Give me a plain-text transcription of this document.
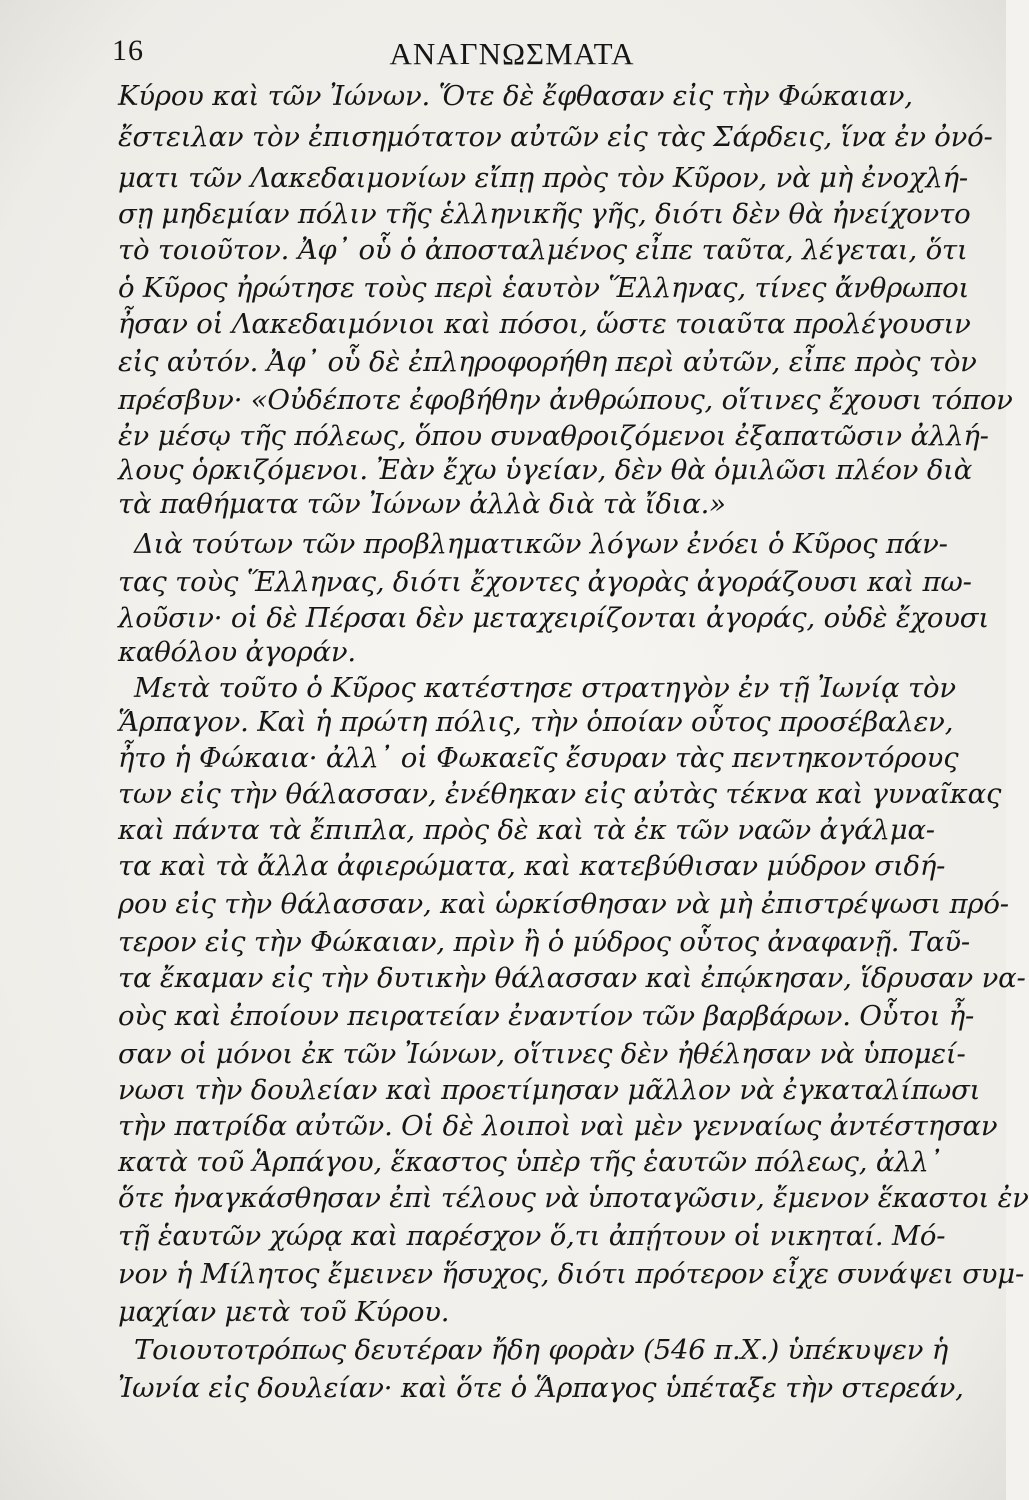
16	ΑΝΑΓΝΩΣΜΑΤΑ
Κύρου καὶ τῶν Ἰώνων. Ὅτε δὲ ἔφθασαν εἰς τὴν Φώκαιαν,
ἔστειλαν τὸν ἐπισημότατον αὐτῶν εἰς τὰς Σάρδεις, ἵνα ἐν ὀνό-
ματι τῶν Λακεδαιμονίων εἴπῃ πρὸς τὸν Κῦρον, νὰ μὴ ἐνοχλή-
σῃ μηδεμίαν πόλιν τῆς ἑλληνικῆς γῆς, διότι δὲν θὰ ἠνείχοντο
τὸ τοιοῦτον. Ἀφ᾽ οὗ ὁ ἀποσταλμένος εἶπε ταῦτα, λέγεται, ὅτι
ὁ Κῦρος ἠρώτησε τοὺς περὶ ἑαυτὸν Ἕλληνας, τίνες ἄνθρωποι
ἦσαν οἱ Λακεδαιμόνιοι καὶ πόσοι, ὥστε τοιαῦτα προλέγουσιν
εἰς αὐτόν. Ἀφ᾽ οὗ δὲ ἐπληροφορήθη περὶ αὐτῶν, εἶπε πρὸς τὸν
πρέσβυν· «Οὐδέποτε ἐφοβήθην ἀνθρώπους, οἵτινες ἔχουσι τόπον
ἐν μέσῳ τῆς πόλεως, ὅπου συναθροιζόμενοι ἐξαπατῶσιν ἀλλή-
λους ὁρκιζόμενοι. Ἐὰν ἔχω ὑγείαν, δὲν θὰ ὁμιλῶσι πλέον διὰ
τὰ παθήματα τῶν Ἰώνων ἀλλὰ διὰ τὰ ἴδια.»
Διὰ τούτων τῶν προβληματικῶν λόγων ἐνόει ὁ Κῦρος πάν-
τας τοὺς Ἕλληνας, διότι ἔχοντες ἀγορὰς ἀγοράζουσι καὶ πω-
λοῦσιν· οἱ δὲ Πέρσαι δὲν μεταχειρίζονται ἀγοράς, οὐδὲ ἔχουσι
καθόλου ἀγοράν.
Μετὰ τοῦτο ὁ Κῦρος κατέστησε στρατηγὸν ἐν τῇ Ἰωνίᾳ τὸν
Ἅρπαγον. Καὶ ἡ πρώτη πόλις, τὴν ὁποίαν οὗτος προσέβαλεν,
ἦτο ἡ Φώκαια· ἀλλ᾽ οἱ Φωκαεῖς ἔσυραν τὰς πεντηκοντόρους
των εἰς τὴν θάλασσαν, ἐνέθηκαν εἰς αὐτὰς τέκνα καὶ γυναῖκας
καὶ πάντα τὰ ἔπιπλα, πρὸς δὲ καὶ τὰ ἐκ τῶν ναῶν ἀγάλμα-
τα καὶ τὰ ἄλλα ἀφιερώματα, καὶ κατεβύθισαν μύδρον σιδή-
ρου εἰς τὴν θάλασσαν, καὶ ὡρκίσθησαν νὰ μὴ ἐπιστρέψωσι πρό-
τερον εἰς τὴν Φώκαιαν, πρὶν ἢ ὁ μύδρος οὗτος ἀναφανῇ. Ταῦ-
τα ἔκαμαν εἰς τὴν δυτικὴν θάλασσαν καὶ ἐπῴκησαν, ἵδρυσαν να-
οὺς καὶ ἐποίουν πειρατείαν ἐναντίον τῶν βαρβάρων. Οὗτοι ἦ-
σαν οἱ μόνοι ἐκ τῶν Ἰώνων, οἵτινες δὲν ἠθέλησαν νὰ ὑπομεί-
νωσι τὴν δουλείαν καὶ προετίμησαν μᾶλλον νὰ ἐγκαταλίπωσι
τὴν πατρίδα αὐτῶν. Οἱ δὲ λοιποὶ ναὶ μὲν γενναίως ἀντέστησαν
κατὰ τοῦ Ἁρπάγου, ἕκαστος ὑπὲρ τῆς ἑαυτῶν πόλεως, ἀλλ᾽
ὅτε ἠναγκάσθησαν ἐπὶ τέλους νὰ ὑποταγῶσιν, ἔμενον ἕκαστοι ἐν
τῇ ἑαυτῶν χώρᾳ καὶ παρέσχον ὅ,τι ἀπῄτουν οἱ νικηταί. Μό-
νον ἡ Μίλητος ἔμεινεν ἥσυχος, διότι πρότερον εἶχε συνάψει συμ-
μαχίαν μετὰ τοῦ Κύρου.
Τοιουτοτρόπως δευτέραν ἤδη φορὰν (546 π.Χ.) ὑπέκυψεν ἡ
Ἰωνία εἰς δουλείαν· καὶ ὅτε ὁ Ἅρπαγος ὑπέταξε τὴν στερεάν,
